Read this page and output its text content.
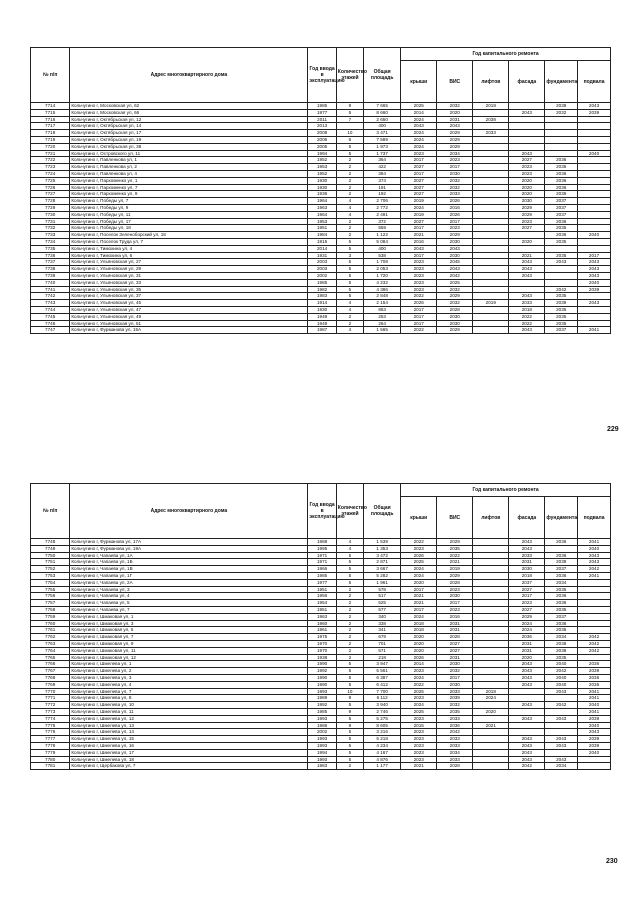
№ п/п	Адрес многоквартирного дома	Год ввода в эксплуатацию	Количество этажей	Общая площадь	Год капитального ремонта					
					крыши	ВИС	лифтов	фасада	фундамента	подвала
7714	Кольчугино г, Московская ул, 62	1985	9	7 665	2025	2032	2018		2038	2043
7715	Кольчугино г, Московская ул, 66	1977	5	8 660	2014	2020		2043	2032	2039
7716	Кольчугино г, Октябрьская ул, 12	2011	7	2 650	2024	2031	2038			
7717	Кольчугино г, Октябрьская ул, 14	2013		400	2043	2043				
7718	Кольчугино г, Октябрьская ул, 17	2008	10	3 471	2024	2029	2033			
7719	Кольчугино г, Октябрьская ул, 19	2006	6	7 589	2024	2029				
7720	Кольчугино г, Октябрьская ул, 38	2005	5	1 973	2024	2029				
7721	Кольчугино г, Островского ул, 11	1994	5	1 737	2023	2034		2043		2040
7722	Кольчугино г, Павленкова ул, 1	1952	2	364	2017	2023		2027	2036	
7723	Кольчугино г, Павленкова ул, 2	1953	2	422	2027	2017		2023	2036	
7724	Кольчугино г, Павленкова ул, 4	1952	2	384	2017	2030		2023	2036	
7725	Кольчугино г, Пархоменко ул, 1	1930	2	374	2027	2032		2020	2036	
7726	Кольчугино г, Пархоменко ул, 7	1930	2	191	2027	2032		2020	2036	
7727	Кольчугино г, Пархоменко ул, 9	1936	2	192	2027	2033		2020	2036	
7728	Кольчугино г, Победы ул, 7	1964	4	2 706	2019	2026		2030	2037	
7729	Кольчугино г, Победы ул, 9	1963	4	2 772	2024	2016		2029	2037	
7730	Кольчугино г, Победы ул, 11	1964	4	2 491	2019	2026		2029	2037	
7731	Кольчугино г, Победы ул, 17	1953	2	372	2027	2017		2023	2036	
7732	Кольчугино г, Победы ул, 18	1951	2	559	2017	2023		2027	2035	
7733	Кольчугино г, Поселок Зеленоборский ул, 18	1984	2	1 122	2021	2029			2036	2040
7734	Кольчугино г, Поселок Труда ул, 7	1915	5	5 084	2016	2030		2020	2035	
7735	Кольчугино г, Тимохина ул, 4	2014	5	400	2043	2043				
7736	Кольчугино г, Тимохина ул, 6	1931	3	538	2017	2030		2021	2035	2017
7737	Кольчугино г, Ульяновская ул, 27	2003	5	1 708	2023	2045		2043	2043	2043
7738	Кольчугино г, Ульяновская ул, 29	2003	5	2 053	2023	2043		2043		2043
7739	Кольчугино г, Ульяновская ул, 31	2002	5	1 720	2023	2042		2043		2043
7740	Кольчугино г, Ульяновская ул, 33	1985	5	4 232	2023	2025				2040
7741	Кольчугино г, Ульяновская ул, 35	1982	5	4 386	2023	2032			2042	2039
7742	Кольчугино г, Ульяновская ул, 37	1983	5	2 848	2022	2029		2043	2035	
7743	Кольчугино г, Ульяновская ул, 45	1914	4	2 154	2026	2032	2019	2033	2039	2043
7744	Кольчугино г, Ульяновская ул, 47	1930	4	853	2017	2028		2018	2035	
7745	Кольчугино г, Ульяновская ул, 49	1949	2	253	2017	2030		2022	2035	
7746	Кольчугино г, Ульяновская ул, 51	1949	2	264	2017	2030		2022	2035	
7747	Кольчугино г, Фурманова ул, 15А	1987	4	1 565	2022	2029		2043	2037	2041
229
№ п/п	Адрес многоквартирного дома	Год ввода в эксплуатацию	Количество этажей	Общая площадь	Год капитального ремонта					
					крыши	ВИС	лифтов	фасада	фундамента	подвала
7748	Кольчугино г, Фурманова ул, 17А	1988	4	1 539	2022	2029		2043	2036	2041
7749	Кольчугино г, Фурманова ул, 19А	1995	4	1 353	2023	2035		2043		2040
7750	Кольчугино г, Чапаева ул, 1А	1971	5	3 472	2026	2022		2033	2036	2043
7751	Кольчугино г, Чапаева ул, 1Б	1971	5	2 871	2025	2021		2031	2038	2043
7752	Кольчугино г, Чапаева ул, 1В	1966	5	3 667	2024	2019		2030	2037	2042
7753	Кольчугино г, Чапаева ул, 1Г	1985	5	5 282	2024	2029		2018	2036	2041
7754	Кольчугино г, Чапаева ул, 2А	1977	5	1 961	2020	2028		2037	2034	
7755	Кольчугино г, Чапаева ул, 3	1951	2	578	2017	2023		2027	2035	
7756	Кольчугино г, Чапаева ул, 4	1956	2	517	2021	2030		2017	2036	
7757	Кольчугино г, Чапаева ул, 5	1954	2	525	2021	2017		2023	2036	
7758	Кольчугино г, Чапаева ул, 7	1951	2	577	2017	2023		2027	2035	
7759	Кольчугино г, Шмаковая ул, 1	1963	2	340	2024	2016		2029	2037	
7760	Кольчугино г, Шмаковая ул, 3	1960	2	338	2018	2031		2024	2036	
7761	Кольчугино г, Шмаковая ул, 5	1961	2	341	2018	2031		2024	2036	
7762	Кольчугино г, Шмаковая ул, 7	1975	2	679	2020	2028		2036	2034	2042
7763	Кольчугино г, Шмаковая ул, 9	1970	2	701	2020	2027		2031	2038	2042
7764	Кольчугино г, Шмаковая ул, 11	1970	2	571	2020	2027		2031	2038	2042
7765	Кольчугино г, Шмаковая ул, 12	1938	2	218	2026	2031		2020	2035	
7766	Кольчугино г, Шмелева ул, 1	1990	5	3 947	2014	2030		2043	2040	2036
7767	Кольчугино г, Шмелева ул, 2	1992	5	5 561	2023	2032		2043	2042	2039
7768	Кольчугино г, Шмелева ул, 3	1990	5	6 387	2024	2017		2043	2040	2036
7769	Кольчугино г, Шмелева ул, 4	1990	5	6 412	2022	2030		2043	2040	2036
7770	Кольчугино г, Шмелева ул, 7	1993	10	7 700	2025	2033	2018		2043	2041
7771	Кольчугино г, Шмелева ул, 8	1989	9	6 112	2023	2039	2024			2041
7772	Кольчугино г, Шмелева ул, 10	1992	5	3 940	2024	2032		2043	2042	2040
7773	Кольчугино г, Шмелева ул, 11	1985	9	2 746	2025	2035	2020			2041
7774	Кольчугино г, Шмелева ул, 12	1993	5	5 275	2023	2033		2043	2043	2039
7775	Кольчугино г, Шмелева ул, 13	1986	9	8 605	2015	2036	2021			2040
7776	Кольчугино г, Шмелева ул, 14	2002	5	3 216	2023	2042				2043
7777	Кольчугино г, Шмелева ул, 15	1993	5	5 218	2023	2033		2043	2043	2039
7778	Кольчугино г, Шмелева ул, 16	1993	5	4 234	2023	2033		2043	2043	2039
7779	Кольчугино г, Шмелева ул, 17	1994	5	4 167	2023	2034		2043		2040
7780	Кольчугино г, Шмелева ул, 18	1993	5	4 876	2023	2033		2043	2043	
7781	Кольчугино г, Щербакова ул, 7	1983	2	1 177	2021	2028		2042	2034	
230
